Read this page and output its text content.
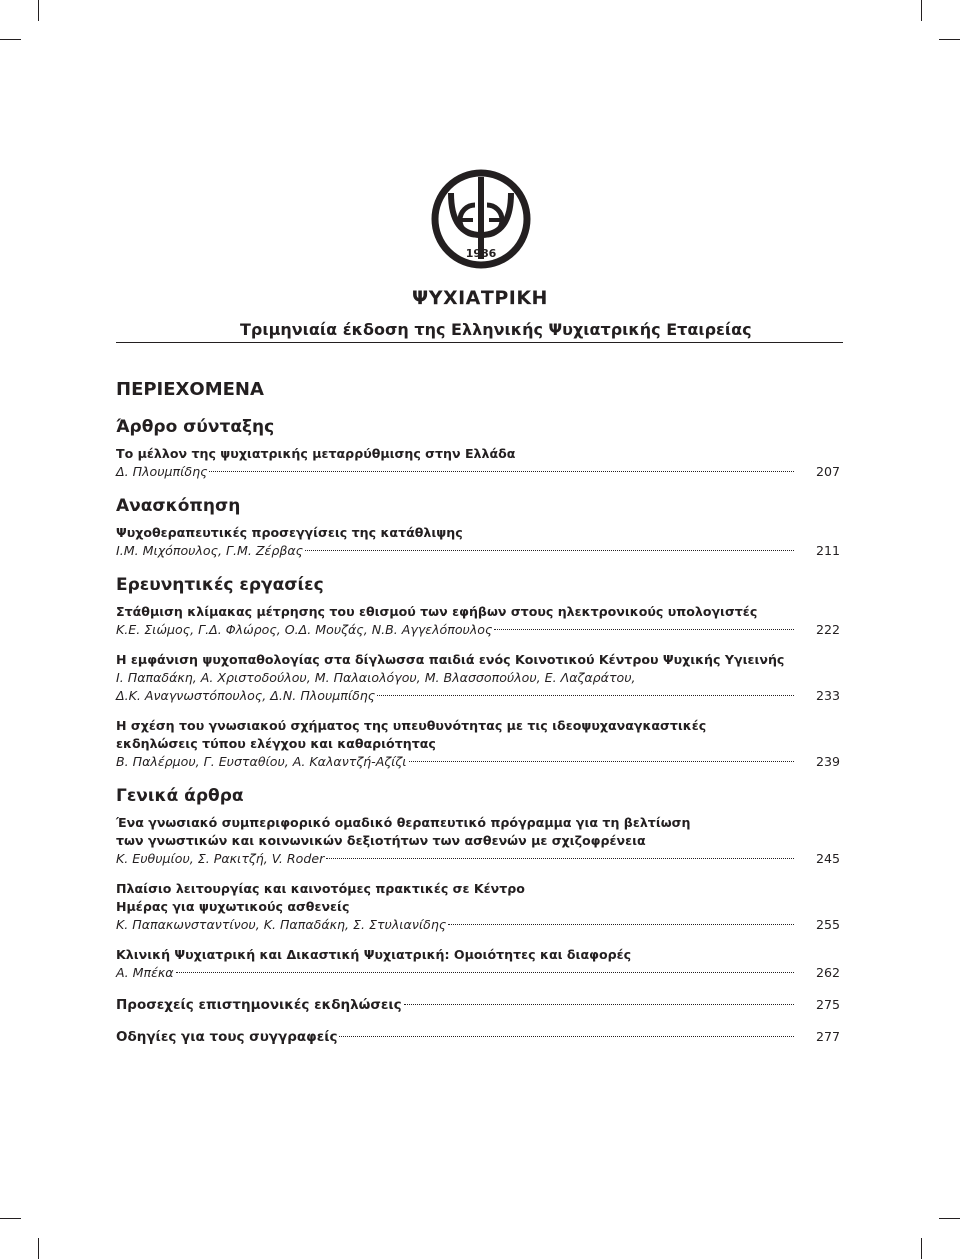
1986
ΨΥΧΙΑΤΡΙΚΗ
Τριμηνιαία έκδοση της Ελληνικής Ψυχιατρικής Εταιρείας
ΠΕΡΙΕΧΟΜΕΝΑ
Άρθρο σύνταξης
Το μέλλον της ψυχιατρικής μεταρρύθμισης στην Ελλάδα
Δ. Πλουμπίδης	207
Ανασκόπηση
Ψυχοθεραπευτικές προσεγγίσεις της κατάθλιψης
Ι.Μ. Μιχόπουλος, Γ.Μ. Ζέρβας	211
Ερευνητικές εργασίες
Στάθμιση κλίμακας μέτρησης του εθισμού των εφήβων στους ηλεκτρονικούς υπολογιστές
Κ.Ε. Σιώμος, Γ.Δ. Φλώρος, Ο.Δ. Μουζάς, Ν.Β. Αγγελόπουλος	222
Η εμφάνιση ψυχοπαθολογίας στα δίγλωσσα παιδιά ενός Κοινοτικού Κέντρου Ψυχικής Υγιεινής
Ι. Παπαδάκη, Α. Χριστοδούλου, Μ. Παλαιολόγου, Μ. Βλασσοπούλου, Ε. Λαζαράτου,
Δ.Κ. Αναγνωστόπουλος, Δ.Ν. Πλουμπίδης	233
Η σχέση του γνωσιακού σχήματος της υπευθυνότητας με τις ιδεοψυχαναγκαστικές
εκδηλώσεις τύπου ελέγχου και καθαριότητας
Β. Παλέρμου, Γ. Ευσταθίου, Α. Καλαντζή-Αζίζι	239
Γενικά άρθρα
Ένα γνωσιακό συμπεριφορικό ομαδικό θεραπευτικό πρόγραμμα για τη βελτίωση
των γνωστικών και κοινωνικών δεξιοτήτων των ασθενών με σχιζοφρένεια
Κ. Ευθυμίου, Σ. Ρακιτζή, V. Roder	245
Πλαίσιο λειτουργίας και καινοτόμες πρακτικές σε Κέντρο
Ημέρας για ψυχωτικούς ασθενείς
Κ. Παπακωνσταντίνου, Κ. Παπαδάκη, Σ. Στυλιανίδης	255
Κλινική Ψυχιατρική και Δικαστική Ψυχιατρική: Ομοιότητες και διαφορές
Α. Μπέκα	262
Προσεχείς επιστημονικές εκδηλώσεις	275
Οδηγίες για τους συγγραφείς	277
